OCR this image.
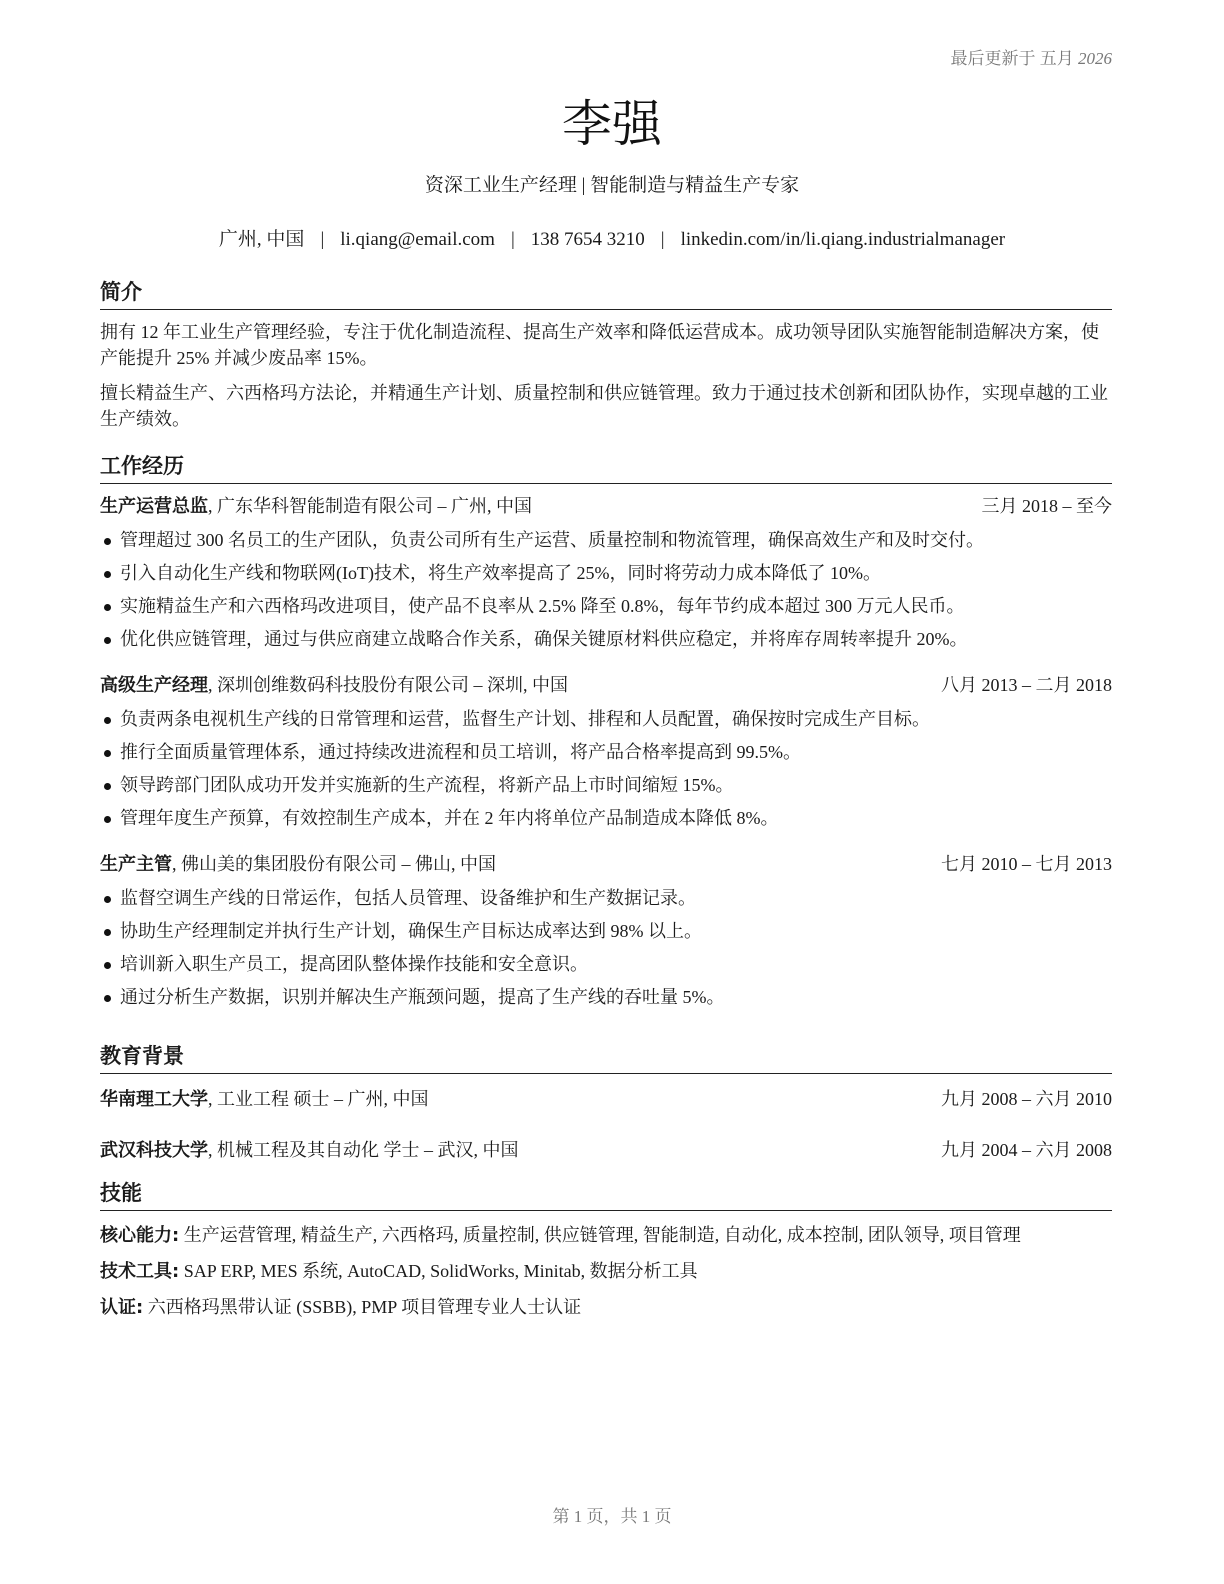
最后更新于 五月 2026
李强
资深工业生产经理 | 智能制造与精益生产专家
广州, 中国 | li.qiang@email.com | 138 7654 3210 | linkedin.com/in/li.qiang.industrialmanager
简介

拥有 12 年工业生产管理经验，专注于优化制造流程、提高生产效率和降低运营成本。成功领导团队实施智能制造解决方案，使产能提升 25% 并减少废品率 15%。

擅长精益生产、六西格玛方法论，并精通生产计划、质量控制和供应链管理。致力于通过技术创新和团队协作，实现卓越的工业生产绩效。

工作经历
生产运营总监, 广东华科智能制造有限公司 – 广州, 中国	三月 2018 – 至今
管理超过 300 名员工的生产团队，负责公司所有生产运营、质量控制和物流管理，确保高效生产和及时交付。
引入自动化生产线和物联网(IoT)技术，将生产效率提高了 25%，同时将劳动力成本降低了 10%。
实施精益生产和六西格玛改进项目，使产品不良率从 2.5% 降至 0.8%，每年节约成本超过 300 万元人民币。
优化供应链管理，通过与供应商建立战略合作关系，确保关键原材料供应稳定，并将库存周转率提升 20%。
高级生产经理, 深圳创维数码科技股份有限公司 – 深圳, 中国	八月 2013 – 二月 2018
负责两条电视机生产线的日常管理和运营，监督生产计划、排程和人员配置，确保按时完成生产目标。
推行全面质量管理体系，通过持续改进流程和员工培训，将产品合格率提高到 99.5%。
领导跨部门团队成功开发并实施新的生产流程，将新产品上市时间缩短 15%。
管理年度生产预算，有效控制生产成本，并在 2 年内将单位产品制造成本降低 8%。
生产主管, 佛山美的集团股份有限公司 – 佛山, 中国	七月 2010 – 七月 2013
监督空调生产线的日常运作，包括人员管理、设备维护和生产数据记录。
协助生产经理制定并执行生产计划，确保生产目标达成率达到 98% 以上。
培训新入职生产员工，提高团队整体操作技能和安全意识。
通过分析生产数据，识别并解决生产瓶颈问题，提高了生产线的吞吐量 5%。
教育背景
华南理工大学, 工业工程 硕士 – 广州, 中国	九月 2008 – 六月 2010
武汉科技大学, 机械工程及其自动化 学士 – 武汉, 中国	九月 2004 – 六月 2008
技能
核心能力: 生产运营管理, 精益生产, 六西格玛, 质量控制, 供应链管理, 智能制造, 自动化, 成本控制, 团队领导, 项目管理
技术工具: SAP ERP, MES 系统, AutoCAD, SolidWorks, Minitab, 数据分析工具
认证: 六西格玛黑带认证 (SSBB), PMP 项目管理专业人士认证
第 1 页，共 1 页
